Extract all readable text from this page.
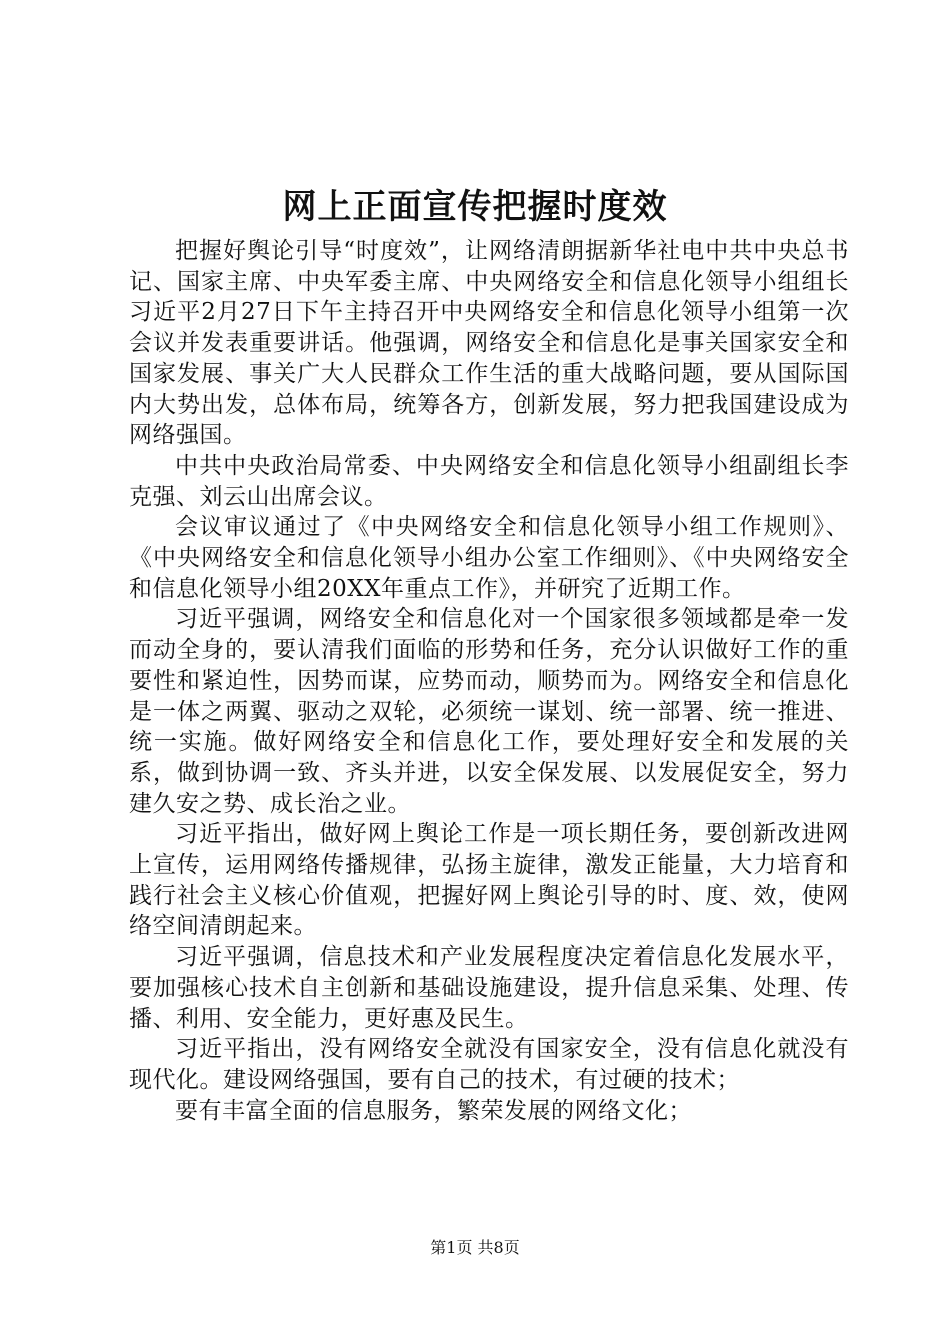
网上正面宣传把握时度效

把握好舆论引导“时度效”，让网络清朗据新华社电中共中央总书记、国家主席、中央军委主席、中央网络安全和信息化领导小组组长习近平2月27日下午主持召开中央网络安全和信息化领导小组第一次会议并发表重要讲话。他强调，网络安全和信息化是事关国家安全和国家发展、事关广大人民群众工作生活的重大战略问题，要从国际国内大势出发，总体布局，统筹各方，创新发展，努力把我国建设成为网络强国。

中共中央政治局常委、中央网络安全和信息化领导小组副组长李克强、刘云山出席会议。

会议审议通过了《中央网络安全和信息化领导小组工作规则》、《中央网络安全和信息化领导小组办公室工作细则》、《中央网络安全和信息化领导小组20XX年重点工作》，并研究了近期工作。

习近平强调，网络安全和信息化对一个国家很多领域都是牵一发而动全身的，要认清我们面临的形势和任务，充分认识做好工作的重要性和紧迫性，因势而谋，应势而动，顺势而为。网络安全和信息化是一体之两翼、驱动之双轮，必须统一谋划、统一部署、统一推进、统一实施。做好网络安全和信息化工作，要处理好安全和发展的关系，做到协调一致、齐头并进，以安全保发展、以发展促安全，努力建久安之势、成长治之业。

习近平指出，做好网上舆论工作是一项长期任务，要创新改进网上宣传，运用网络传播规律，弘扬主旋律，激发正能量，大力培育和践行社会主义核心价值观，把握好网上舆论引导的时、度、效，使网络空间清朗起来。

习近平强调，信息技术和产业发展程度决定着信息化发展水平，要加强核心技术自主创新和基础设施建设，提升信息采集、处理、传播、利用、安全能力，更好惠及民生。

习近平指出，没有网络安全就没有国家安全，没有信息化就没有现代化。建设网络强国，要有自己的技术，有过硬的技术；

要有丰富全面的信息服务，繁荣发展的网络文化；

第1页 共8页
